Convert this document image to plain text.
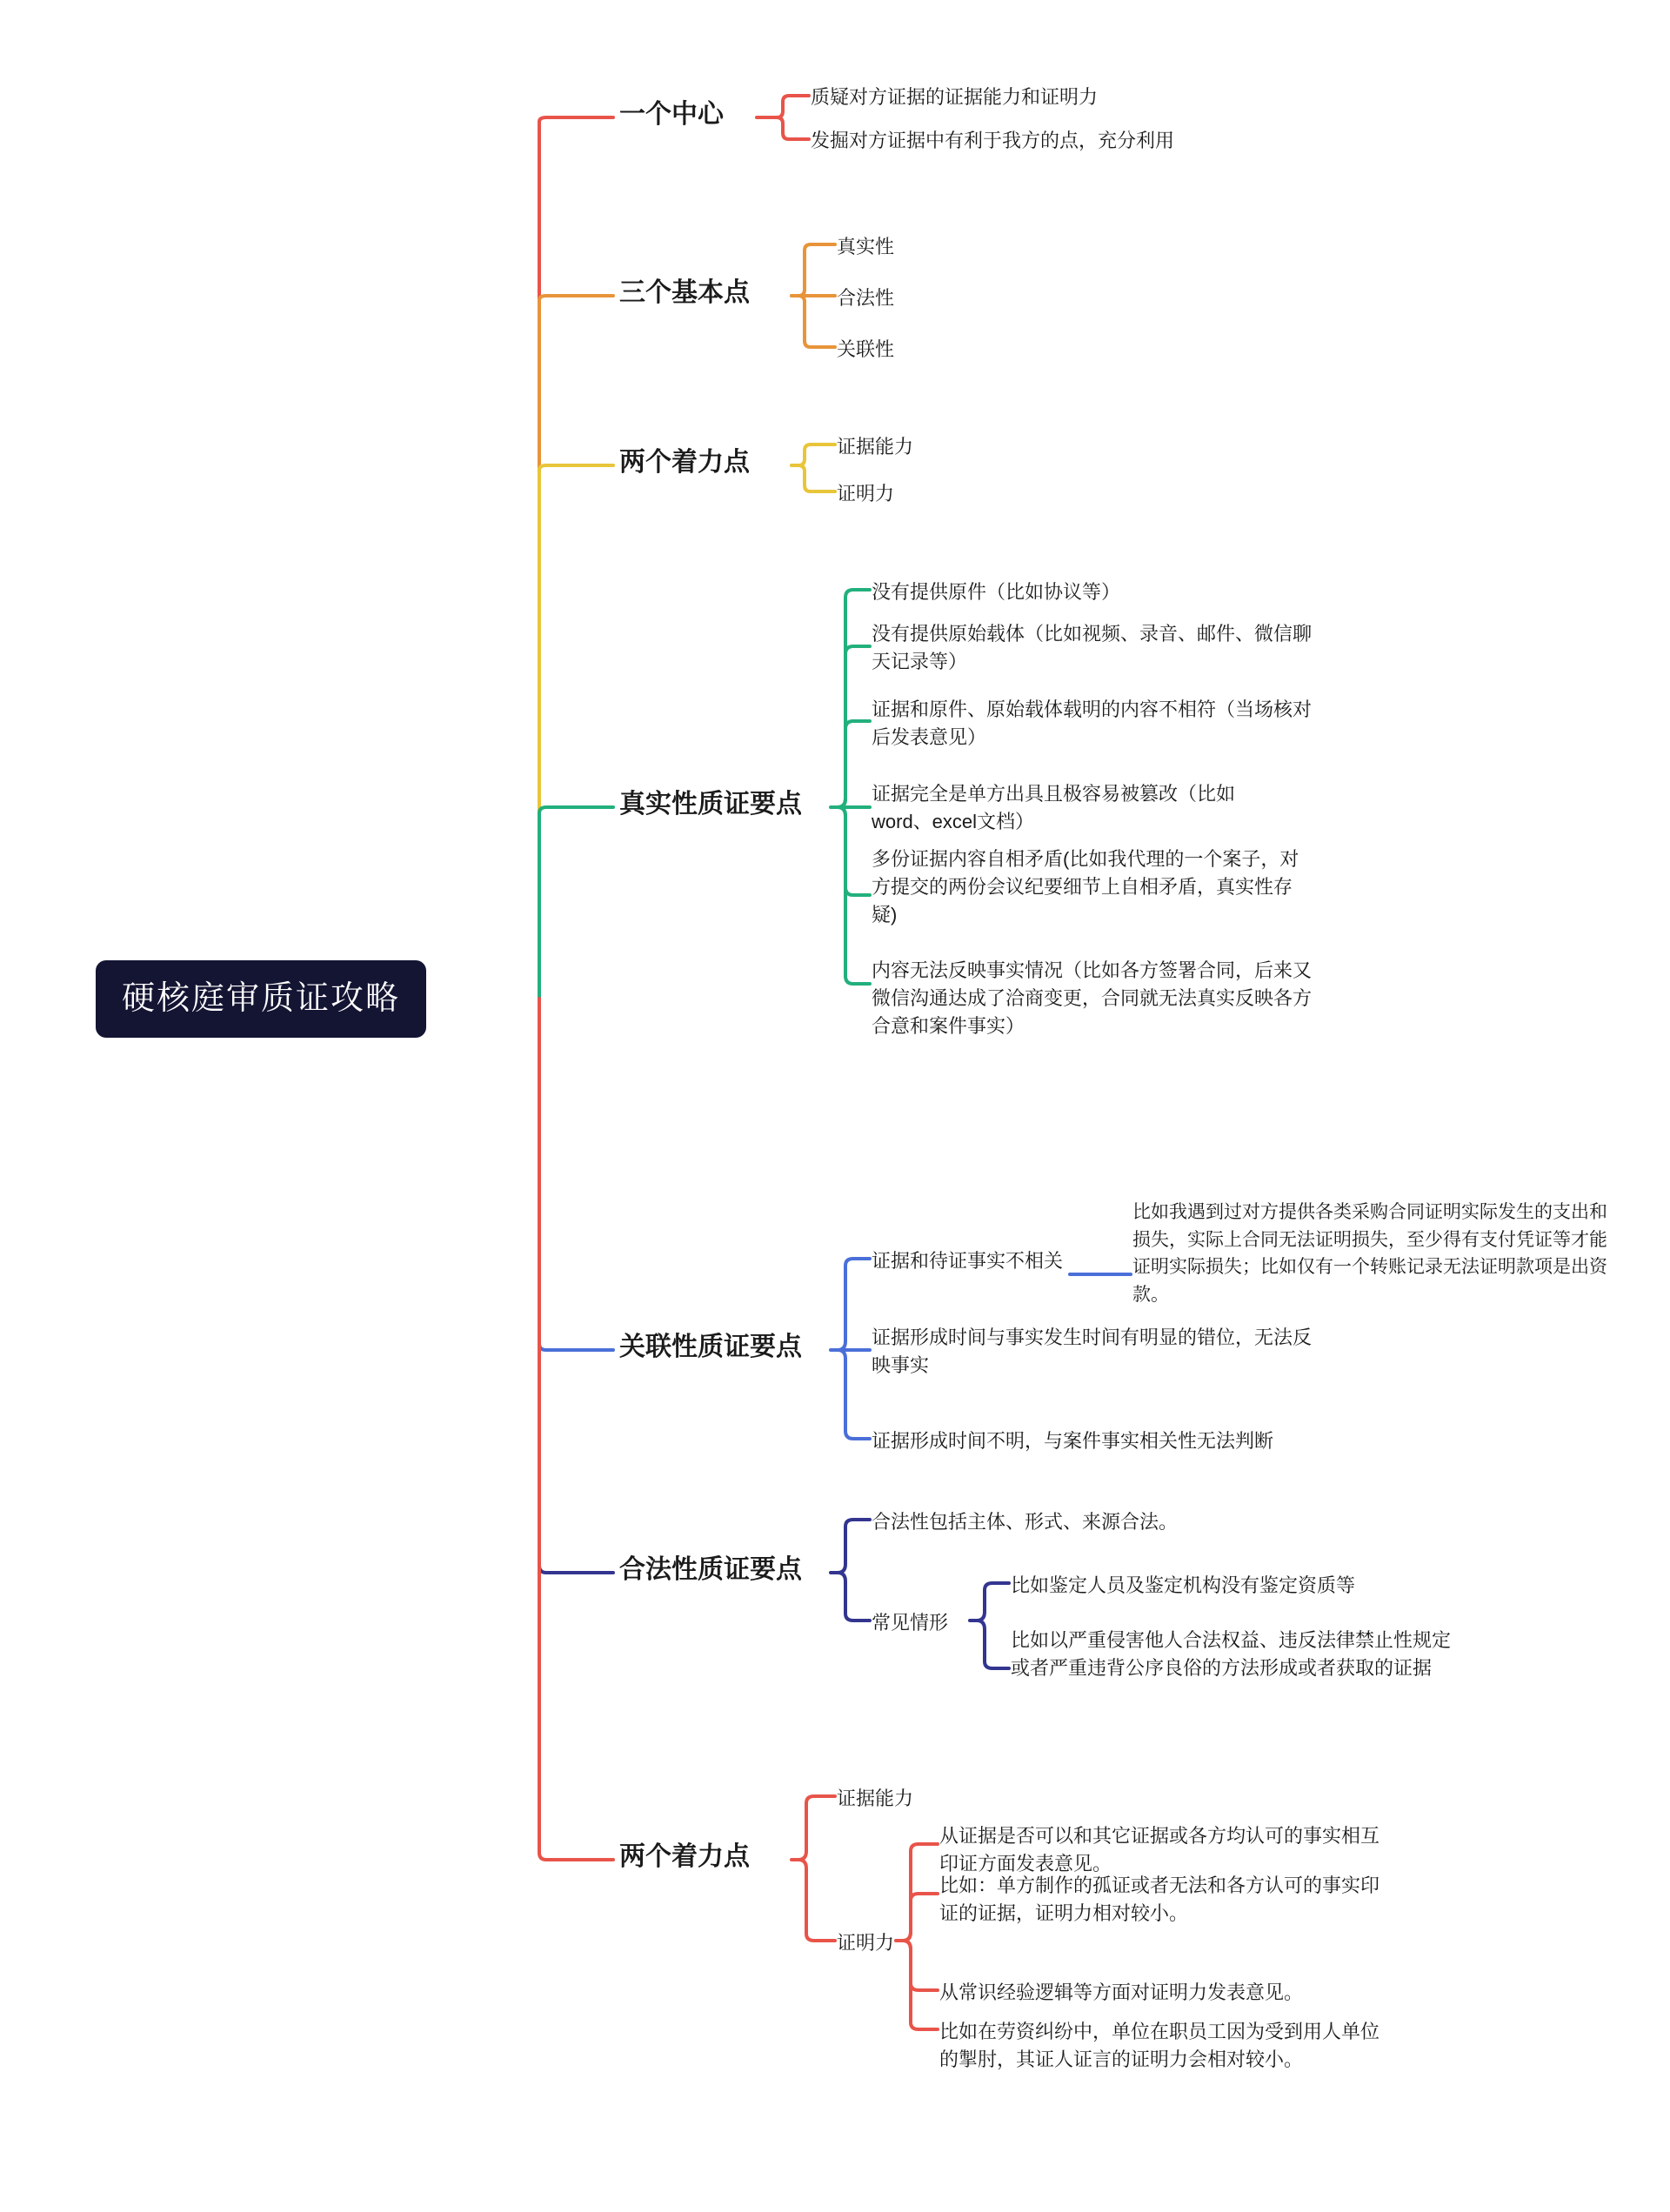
硬核庭审质证攻略
一个中心
质疑对方证据的证据能力和证明力
发掘对方证据中有利于我方的点，充分利用
三个基本点
真实性
合法性
关联性
两个着力点
证据能力
证明力
真实性质证要点
没有提供原件（比如协议等）
没有提供原始载体（比如视频、录音、邮件、微信聊天记录等）
证据和原件、原始载体载明的内容不相符（当场核对后发表意见）
证据完全是单方出具且极容易被篡改（比如word、excel文档）
多份证据内容自相矛盾(比如我代理的一个案子，对方提交的两份会议纪要细节上自相矛盾，真实性存疑)
内容无法反映事实情况（比如各方签署合同，后来又微信沟通达成了洽商变更，合同就无法真实反映各方合意和案件事实）
关联性质证要点
证据和待证事实不相关
比如我遇到过对方提供各类采购合同证明实际发生的支出和损失，实际上合同无法证明损失，至少得有支付凭证等才能证明实际损失；比如仅有一个转账记录无法证明款项是出资款。
证据形成时间与事实发生时间有明显的错位，无法反映事实
证据形成时间不明，与案件事实相关性无法判断
合法性质证要点
合法性包括主体、形式、来源合法。
常见情形
比如鉴定人员及鉴定机构没有鉴定资质等
比如以严重侵害他人合法权益、违反法律禁止性规定或者严重违背公序良俗的方法形成或者获取的证据
两个着力点
证据能力
证明力
从证据是否可以和其它证据或各方均认可的事实相互印证方面发表意见。
比如：单方制作的孤证或者无法和各方认可的事实印证的证据，证明力相对较小。
从常识经验逻辑等方面对证明力发表意见。
比如在劳资纠纷中，单位在职员工因为受到用人单位的掣肘，其证人证言的证明力会相对较小。
